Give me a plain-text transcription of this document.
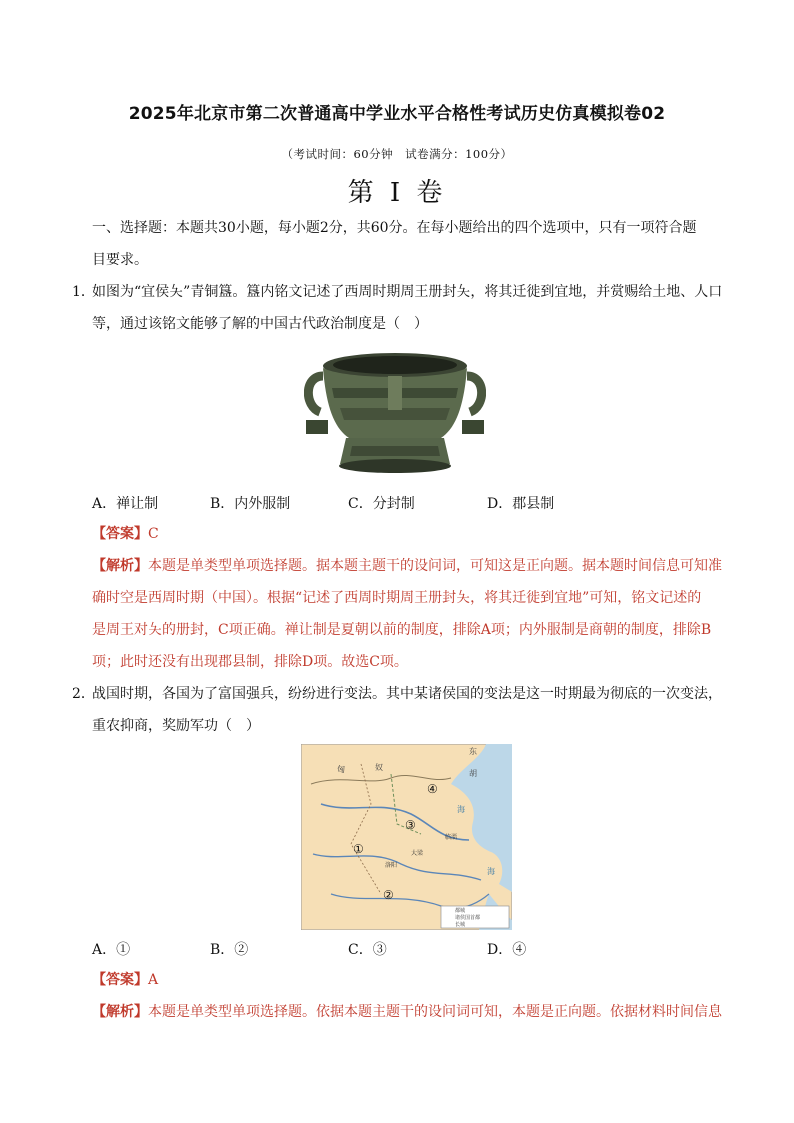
2025年北京市第二次普通高中学业水平合格性考试历史仿真模拟卷02
（考试时间：60分钟　试卷满分：100分）
第 I 卷
一、选择题：本题共30小题，每小题2分，共60分。在每小题给出的四个选项中，只有一项符合题
目要求。
1．
如图为“宜侯夨”青铜簋。簋内铭文记述了西周时期周王册封夨，将其迁徙到宜地，并赏赐给土地、人口
等，通过该铭文能够了解的中国古代政治制度是（　）
A．禅让制	B．内外服制	C．分封制	D．郡县制
【答案】C
【解析】本题是单类型单项选择题。据本题主题干的设问词，可知这是正向题。据本题时间信息可知准
确时空是西周时期（中国）。根据“记述了西周时期周王册封夨，将其迁徙到宜地”可知，铭文记述的
是周王对夨的册封，C项正确。禅让制是夏朝以前的制度，排除A项；内外服制是商朝的制度，排除B
项；此时还没有出现郡县制，排除D项。故选C项。
2．
战国时期，各国为了富国强兵，纷纷进行变法。其中某诸侯国的变法是这一时期最为彻底的一次变法，
重农抑商，奖励军功（　）
匈	奴
东
胡
海
海
临淄
大梁
洛阳
①
②
③
④
都城
诸侯国首都
长城
A．①	B．②	C．③	D．④
【答案】A
【解析】本题是单类型单项选择题。依据本题主题干的设问词可知，本题是正向题。依据材料时间信息
